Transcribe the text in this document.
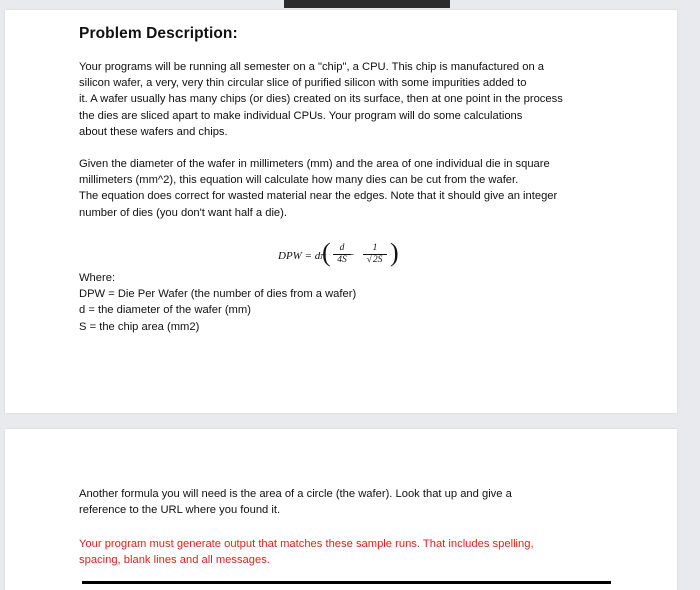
Problem Description:
Your programs will be running all semester on a "chip", a CPU. This chip is manufactured on a
silicon wafer, a very, very thin circular slice of purified silicon with some impurities added to
it. A wafer usually has many chips (or dies) created on its surface, then at one point in the process
the dies are sliced apart to make individual CPUs. Your program will do some calculations
about these wafers and chips.
Given the diameter of the wafer in millimeters (mm) and the area of one individual die in square
millimeters (mm^2), this equation will calculate how many dies can be cut from the wafer.
The equation does correct for wasted material near the edges. Note that it should give an integer
number of dies (you don't want half a die).
DPW = dπ
( d
4S −
1
√2S )
Where:
DPW = Die Per Wafer (the number of dies from a wafer)
d = the diameter of the wafer (mm)
S = the chip area (mm2)
Another formula you will need is the area of a circle (the wafer). Look that up and give a
reference to the URL where you found it.
Your program must generate output that matches these sample runs. That includes spelling,
spacing, blank lines and all messages.
